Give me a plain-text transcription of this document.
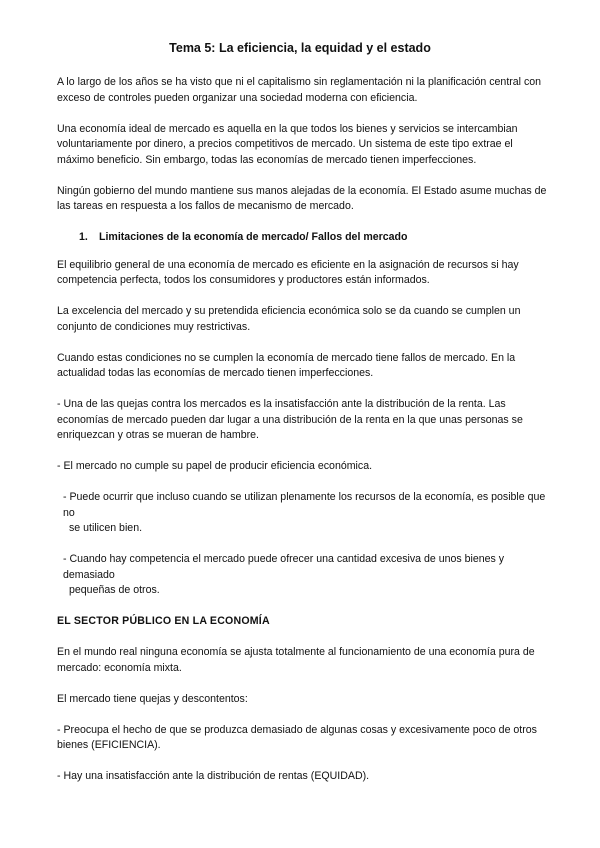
Tema 5: La eficiencia, la equidad y el estado

A lo largo de los años se ha visto que ni el capitalismo sin reglamentación ni la planificación central con exceso de controles pueden organizar una sociedad moderna con eficiencia.

Una economía ideal de mercado es aquella en la que todos los bienes y servicios se intercambian voluntariamente por dinero, a precios competitivos de mercado. Un sistema de este tipo extrae el máximo beneficio. Sin embargo, todas las economías de mercado tienen imperfecciones.

Ningún gobierno del mundo mantiene sus manos alejadas de la economía. El Estado asume muchas de las tareas en respuesta a los fallos de mecanismo de mercado.

1. Limitaciones de la economía de mercado/ Fallos del mercado

El equilibrio general de una economía de mercado es eficiente en la asignación de recursos si hay competencia perfecta, todos los consumidores y productores están informados.

La excelencia del mercado y su pretendida eficiencia económica solo se da cuando se cumplen un conjunto de condiciones muy restrictivas.

Cuando estas condiciones no se cumplen la economía de mercado tiene fallos de mercado. En la actualidad todas las economías de mercado tienen imperfecciones.

- Una de las quejas contra los mercados es la insatisfacción ante la distribución de la renta. Las economías de mercado pueden dar lugar a una distribución de la renta en la que unas personas se enriquezcan y otras se mueran de hambre.

- El mercado no cumple su papel de producir eficiencia económica.

- Puede ocurrir que incluso cuando se utilizan plenamente los recursos de la economía, es posible que no
se utilicen bien.
- Cuando hay competencia el mercado puede ofrecer una cantidad excesiva de unos bienes y demasiado
pequeñas de otros.
EL SECTOR PÚBLICO EN LA ECONOMÍA

En el mundo real ninguna economía se ajusta totalmente al funcionamiento de una economía pura de mercado: economía mixta.

El mercado tiene quejas y descontentos:

- Preocupa el hecho de que se produzca demasiado de algunas cosas y excesivamente poco de otros bienes (EFICIENCIA).

- Hay una insatisfacción ante la distribución de rentas (EQUIDAD).
